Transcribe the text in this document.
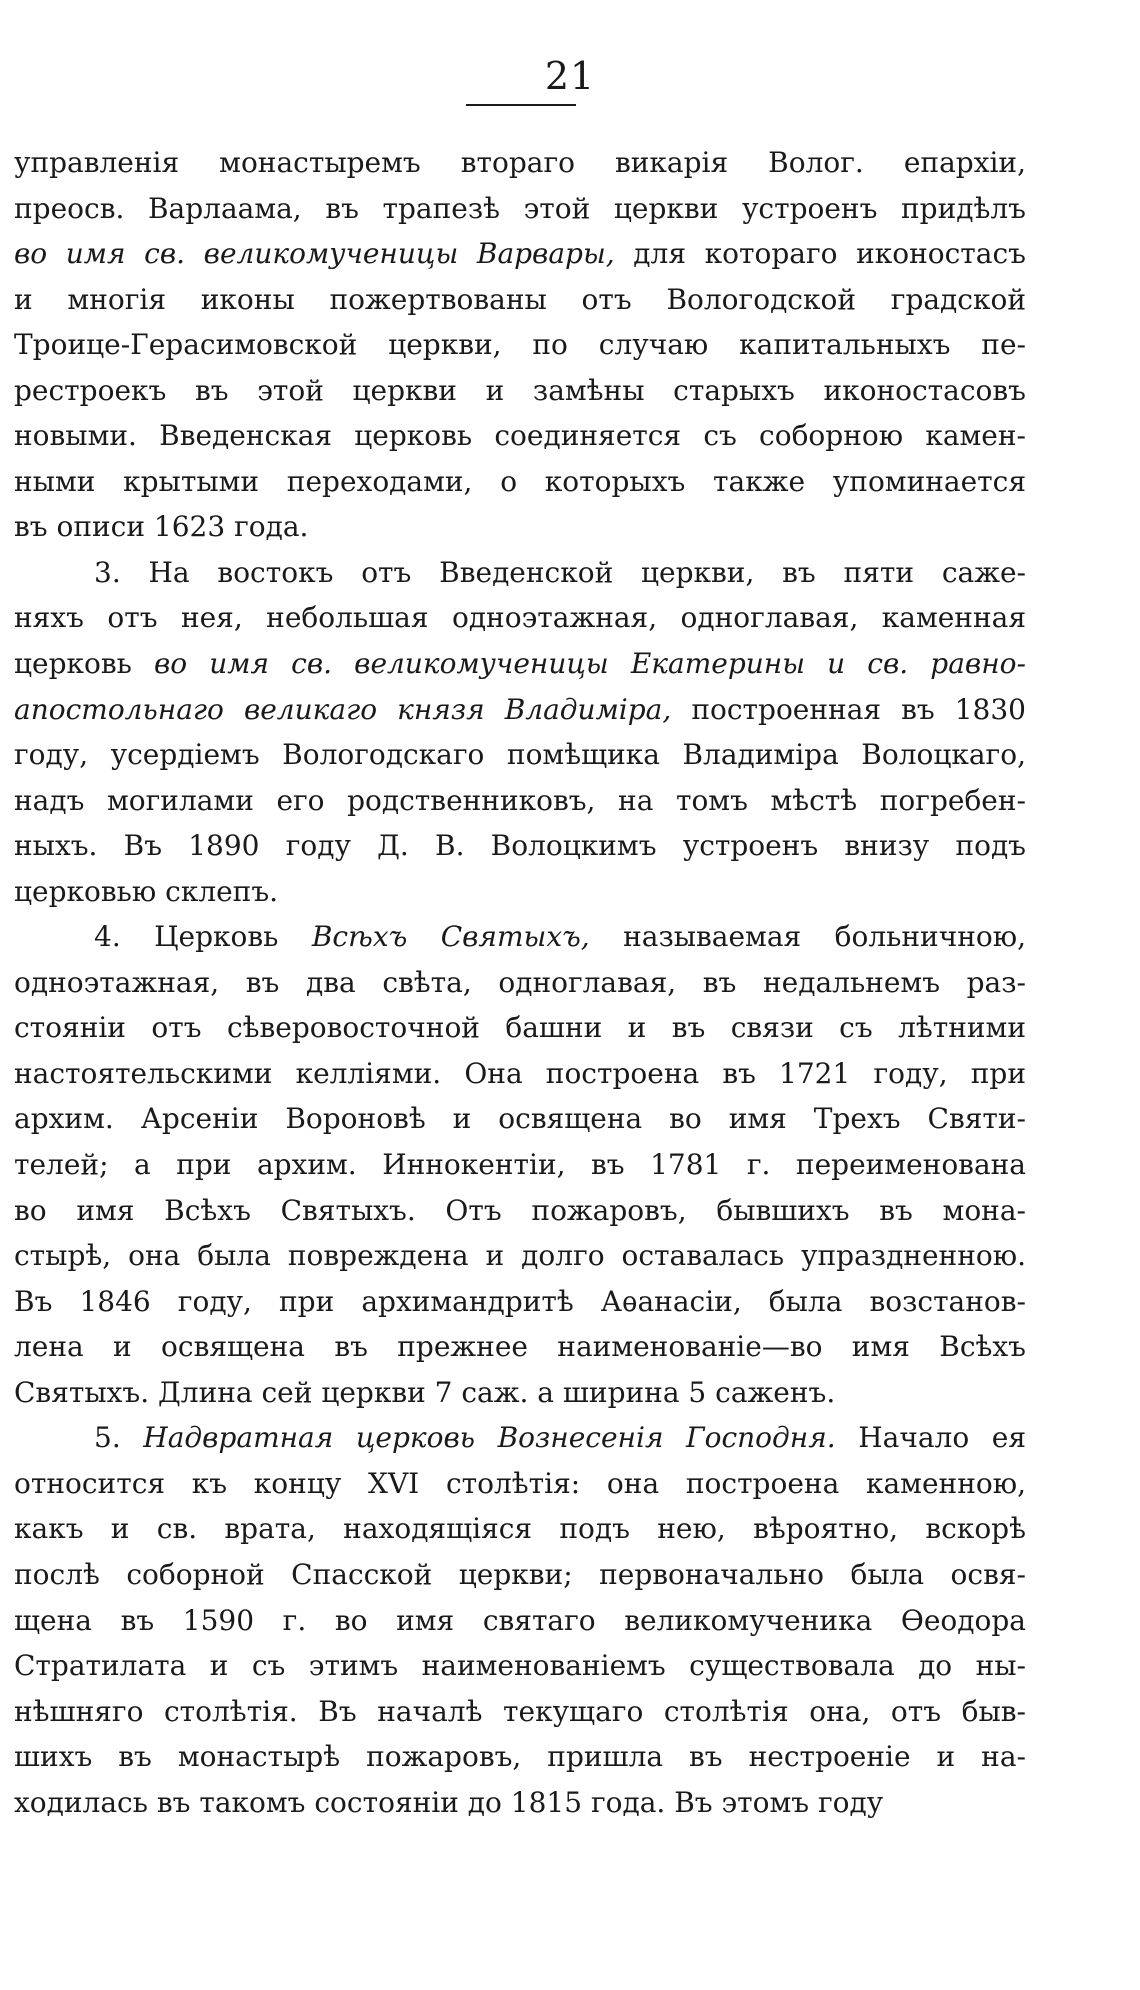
21
управленія монастыремъ втораго викарія Волог. епархіи,
преосв. Варлаама, въ трапезѣ этой церкви устроенъ придѣлъ
во имя св. великомученицы Варвары, для котораго иконостасъ
и многія иконы пожертвованы отъ Вологодской градской
Троице-Герасимовской церкви, по случаю капитальныхъ пе-
рестроекъ въ этой церкви и замѣны старыхъ иконостасовъ
новыми. Введенская церковь соединяется съ соборною камен-
ными крытыми переходами, о которыхъ также упоминается
въ описи 1623 года.
3. На востокъ отъ Введенской церкви, въ пяти саже-
няхъ отъ нея, небольшая одноэтажная, одноглавая, каменная
церковь во имя св. великомученицы Екатерины и св. равно-
апостольнаго великаго князя Владиміра, построенная въ 1830
году, усердіемъ Вологодскаго помѣщика Владиміра Волоцкаго,
надъ могилами его родственниковъ, на томъ мѣстѣ погребен-
ныхъ. Въ 1890 году Д. В. Волоцкимъ устроенъ внизу подъ
церковью склепъ.
4. Церковь Всѣхъ Святыхъ, называемая больничною,
одноэтажная, въ два свѣта, одноглавая, въ недальнемъ раз-
стояніи отъ сѣверовосточной башни и въ связи съ лѣтними
настоятельскими келліями. Она построена въ 1721 году, при
архим. Арсеніи Вороновѣ и освящена во имя Трехъ Святи-
телей; а при архим. Иннокентіи, въ 1781 г. переименована
во имя Всѣхъ Святыхъ. Отъ пожаровъ, бывшихъ въ мона-
стырѣ, она была повреждена и долго оставалась упраздненною.
Въ 1846 году, при архимандритѣ Аѳанасіи, была возстанов-
лена и освящена въ прежнее наименованіе—во имя Всѣхъ
Святыхъ. Длина сей церкви 7 саж. а ширина 5 саженъ.
5. Надвратная церковь Вознесенія Господня. Начало ея
относится къ концу XVI столѣтія: она построена каменною,
какъ и св. врата, находящіяся подъ нею, вѣроятно, вскорѣ
послѣ соборной Спасской церкви; первоначально была освя-
щена въ 1590 г. во имя святаго великомученика Ѳеодора
Стратилата и съ этимъ наименованіемъ существовала до ны-
нѣшняго столѣтія. Въ началѣ текущаго столѣтія она, отъ быв-
шихъ въ монастырѣ пожаровъ, пришла въ нестроеніе и на-
ходилась въ такомъ состояніи до 1815 года. Въ этомъ году
